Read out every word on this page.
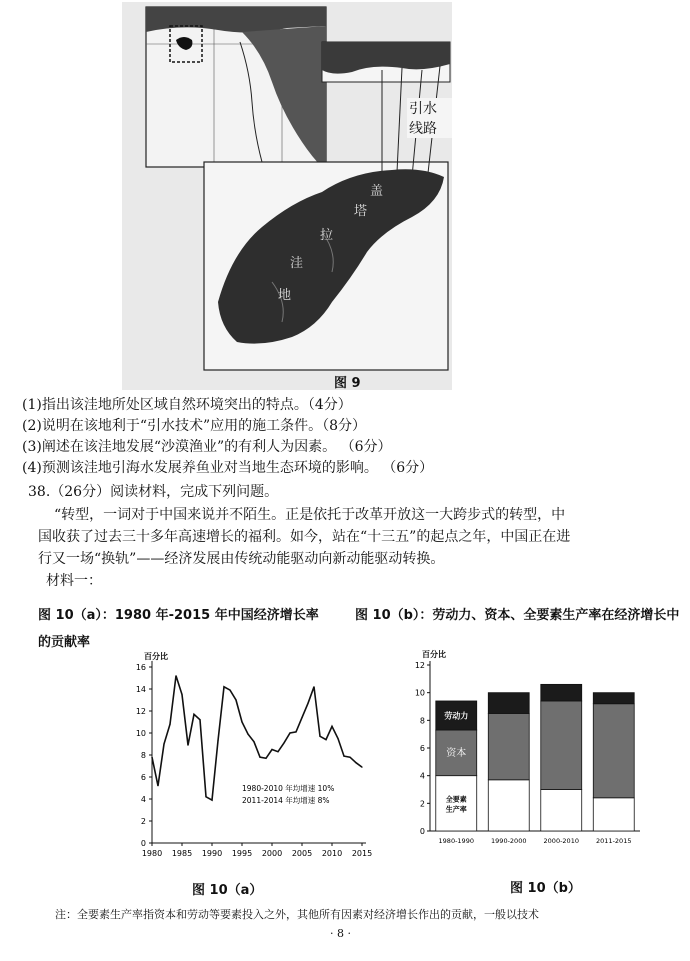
引水线路
盖
塔
拉
洼
地
图 9
(1)指出该洼地所处区域自然环境突出的特点。（4分）
(2)说明在该地利于“引水技术”应用的施工条件。（8分）
(3)阐述在该洼地发展“沙漠渔业”的有利人为因素。 （6分）
(4)预测该洼地引海水发展养鱼业对当地生态环境的影响。 （6分）
38.（26分）阅读材料，完成下列问题。
“转型，一词对于中国来说并不陌生。正是依托于改革开放这一大跨步式的转型，中
国收获了过去三十多年高速增长的福利。如今，站在“十三五”的起点之年，中国正在进
行又一场“换轨”——经济发展由传统动能驱动向新动能驱动转换。
材料一：
图 10（a）：1980 年-2015 年中国经济增长率	图 10（b）：劳动力、资本、全要素生产率在经济增长中
的贡献率
百分比
0
2
4
6
8
10
12
14
16
1980 1985 1990 1995 2000 2005 2010 2015
1980-2010 年均增速 10%
2011-2014 年均增速 8%
图 10（a）
百分比
0
2
4
6
8
10
12
1980-1990	1990-2000	2000-2010	2011-2015
劳动力
资本
全要素
生产率
图 10（b）
注：全要素生产率指资本和劳动等要素投入之外，其他所有因素对经济增长作出的贡献，一般以技术
· 8 ·
